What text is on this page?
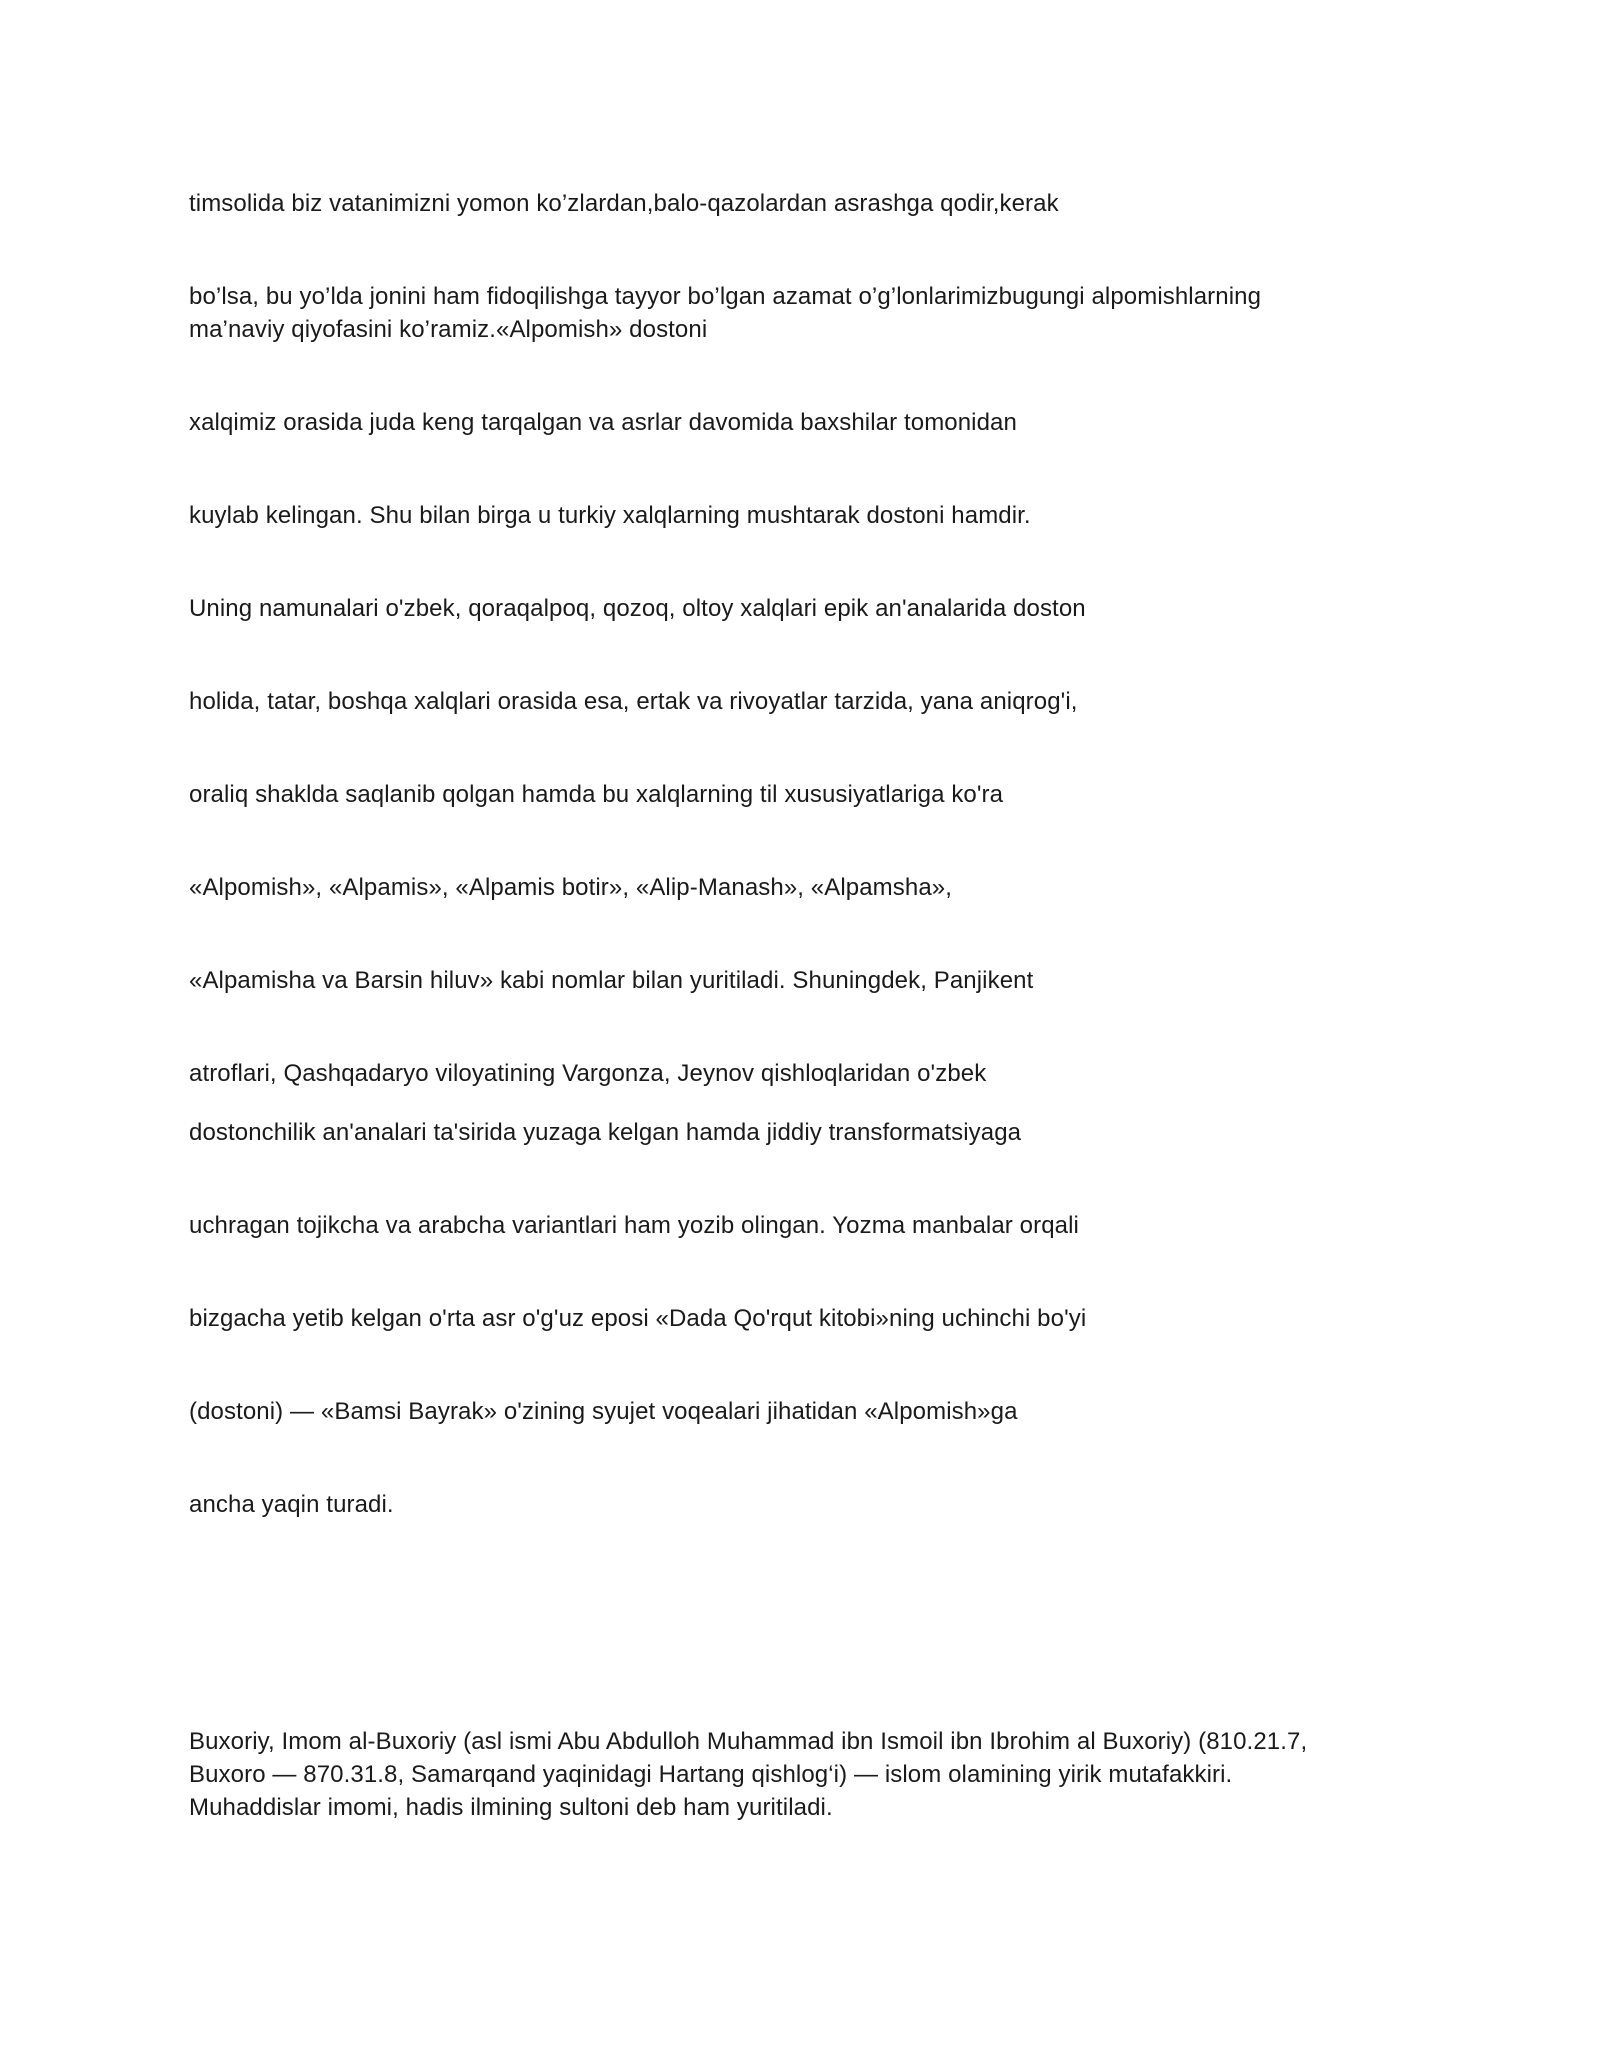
timsolida biz vatanimizni yomon ko’zlardan,balo-qazolardan asrashga qodir,kerak

bo’lsa, bu yo’lda jonini ham fidoqilishga tayyor bo’lgan azamat o’g’lonlarimizbugungi alpomishlarning
ma’naviy qiyofasini ko’ramiz.«Alpomish» dostoni

xalqimiz orasida juda keng tarqalgan va asrlar davomida baxshilar tomonidan

kuylab kelingan. Shu bilan birga u turkiy xalqlarning mushtarak dostoni hamdir.

Uning namunalari o'zbek, qoraqalpoq, qozoq, oltoy xalqlari epik an'analarida doston

holida, tatar, boshqa xalqlari orasida esa, ertak va rivoyatlar tarzida, yana aniqrog'i,

oraliq shaklda saqlanib qolgan hamda bu xalqlarning til xususiyatlariga ko'ra

«Alpomish», «Alpamis», «Alpamis botir», «Alip-Manash», «Alpamsha»,

«Alpamisha va Barsin hiluv» kabi nomlar bilan yuritiladi. Shuningdek, Panjikent

atroflari, Qashqadaryo viloyatining Vargonza, Jeynov qishloqlaridan o'zbek

dostonchilik an'analari ta'sirida yuzaga kelgan hamda jiddiy transformatsiyaga

uchragan tojikcha va arabcha variantlari ham yozib olingan. Yozma manbalar orqali

bizgacha yetib kelgan o'rta asr o'g'uz eposi «Dada Qo'rqut kitobi»ning uchinchi bo'yi

(dostoni) — «Bamsi Bayrak» o'zining syujet voqealari jihatidan «Alpomish»ga

ancha yaqin turadi.

Buxoriy, Imom al-Buxoriy (asl ismi Abu Abdulloh Muhammad ibn Ismoil ibn Ibrohim al Buxoriy) (810.21.7,
Buxoro — 870.31.8, Samarqand yaqinidagi Hartang qishlog‘i) — islom olamining yirik mutafakkiri.
Muhaddislar imomi, hadis ilmining sultoni deb ham yuritiladi.
